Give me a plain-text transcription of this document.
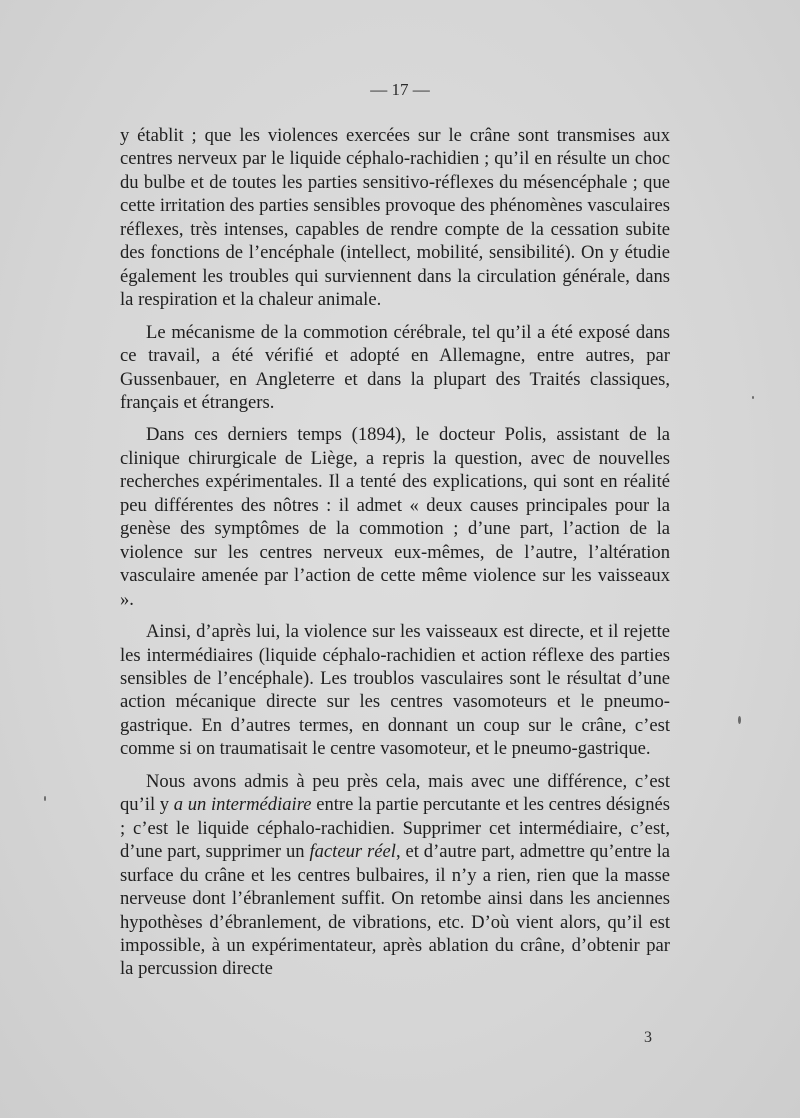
— 17 —

y établit ; que les violences exercées sur le crâne sont transmises aux centres nerveux par le liquide céphalo-rachidien ; qu’il en résulte un choc du bulbe et de toutes les parties sensitivo-réflexes du mésencéphale ; que cette irritation des parties sensibles provoque des phénomènes vasculaires réflexes, très intenses, capables de rendre compte de la cessation subite des fonctions de l’encéphale (intellect, mobilité, sensibilité). On y étudie également les troubles qui surviennent dans la circulation générale, dans la respiration et la chaleur animale.

Le mécanisme de la commotion cérébrale, tel qu’il a été exposé dans ce travail, a été vérifié et adopté en Allemagne, entre autres, par Gussenbauer, en Angleterre et dans la plupart des Traités classiques, français et étrangers.

Dans ces derniers temps (1894), le docteur Polis, assistant de la clinique chirurgicale de Liège, a repris la question, avec de nouvelles recherches expérimentales. Il a tenté des explications, qui sont en réalité peu différentes des nôtres : il admet « deux causes principales pour la genèse des symptômes de la commotion ; d’une part, l’action de la violence sur les centres nerveux eux-mêmes, de l’autre, l’altération vasculaire amenée par l’action de cette même violence sur les vaisseaux ».

Ainsi, d’après lui, la violence sur les vaisseaux est directe, et il rejette les intermédiaires (liquide céphalo-rachidien et action réflexe des parties sensibles de l’encéphale). Les troublos vasculaires sont le résultat d’une action mécanique directe sur les centres vasomoteurs et le pneumo-gastrique. En d’autres termes, en donnant un coup sur le crâne, c’est comme si on traumatisait le centre vasomoteur, et le pneumo-gastrique.

Nous avons admis à peu près cela, mais avec une différence, c’est qu’il y a un intermédiaire entre la partie percutante et les centres désignés ; c’est le liquide céphalo-rachidien. Supprimer cet intermédiaire, c’est, d’une part, supprimer un facteur réel, et d’autre part, admettre qu’entre la surface du crâne et les centres bulbaires, il n’y a rien, rien que la masse nerveuse dont l’ébranlement suffit. On retombe ainsi dans les anciennes hypothèses d’ébranlement, de vibrations, etc. D’où vient alors, qu’il est impossible, à un expérimentateur, après ablation du crâne, d’obtenir par la percussion directe

3
